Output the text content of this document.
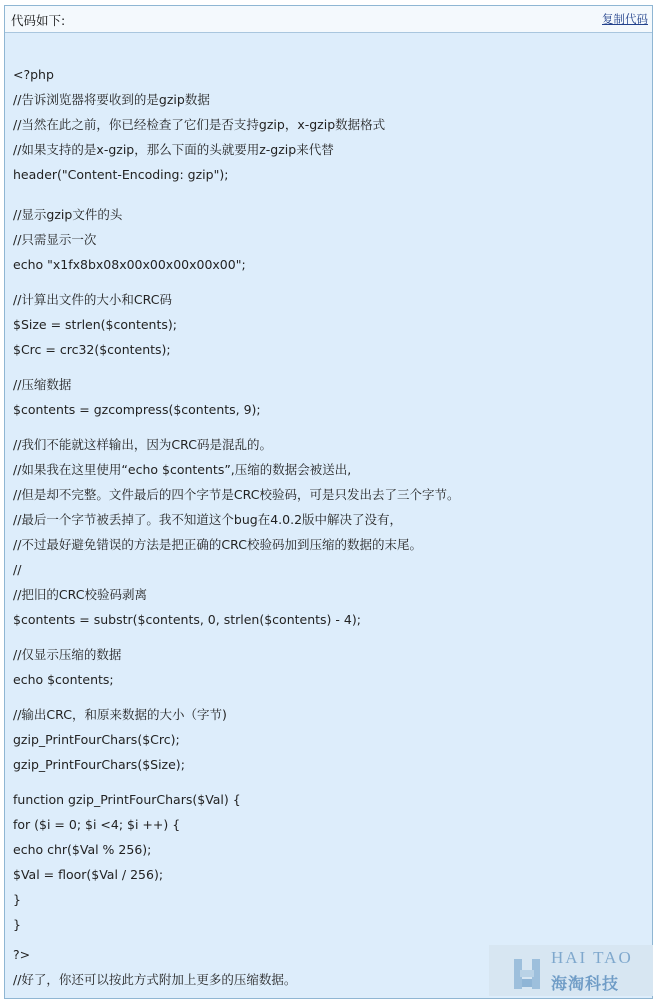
代码如下:	复制代码
<?php
//告诉浏览器将要收到的是gzip数据
//当然在此之前，你已经检查了它们是否支持gzip，x-gzip数据格式
//如果支持的是x-gzip，那么下面的头就要用z-gzip来代替
header("Content-Encoding: gzip");
//显示gzip文件的头
//只需显示一次
echo "x1fx8bx08x00x00x00x00x00";
//计算出文件的大小和CRC码
$Size = strlen($contents);
$Crc = crc32($contents);
//压缩数据
$contents = gzcompress($contents, 9);
//我们不能就这样输出，因为CRC码是混乱的。
//如果我在这里使用“echo $contents”,压缩的数据会被送出,
//但是却不完整。文件最后的四个字节是CRC校验码，可是只发出去了三个字节。
//最后一个字节被丢掉了。我不知道这个bug在4.0.2版中解决了没有，
//不过最好避免错误的方法是把正确的CRC校验码加到压缩的数据的末尾。
//
//把旧的CRC校验码剥离
$contents = substr($contents, 0, strlen($contents) - 4);
//仅显示压缩的数据
echo $contents;
//输出CRC，和原来数据的大小（字节)
gzip_PrintFourChars($Crc);
gzip_PrintFourChars($Size);
function gzip_PrintFourChars($Val) {
for ($i = 0; $i <4; $i ++) {
echo chr($Val % 256);
$Val = floor($Val / 256);
}
}
?>
//好了，你还可以按此方式附加上更多的压缩数据。
HAI TAO
海淘科技
